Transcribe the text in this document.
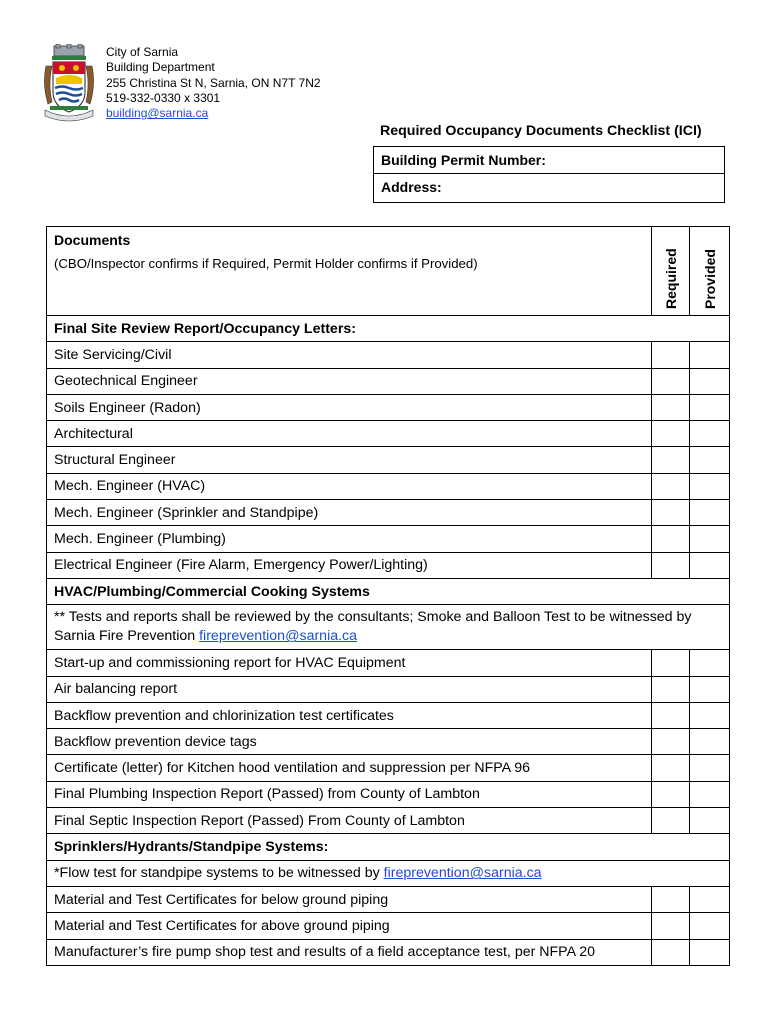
City of Sarnia
Building Department
255 Christina St N, Sarnia, ON N7T 7N2
519-332-0330 x 3301
building@sarnia.ca
Required Occupancy Documents Checklist (ICI)
Building Permit Number:
Address:
Documents
(CBO/Inspector confirms if Required, Permit Holder confirms if Provided)	Required	Provided

Final Site Review Report/Occupancy Letters:		
Site Servicing/Civil		
Geotechnical Engineer		
Soils Engineer (Radon)		
Architectural		
Structural Engineer		
Mech. Engineer (HVAC)		
Mech. Engineer (Sprinkler and Standpipe)		
Mech. Engineer (Plumbing)		
Electrical Engineer (Fire Alarm, Emergency Power/Lighting)		
HVAC/Plumbing/Commercial Cooking Systems		
** Tests and reports shall be reviewed by the consultants; Smoke and Balloon Test to be witnessed by Sarnia Fire Prevention fireprevention@sarnia.ca		
Start-up and commissioning report for HVAC Equipment		
Air balancing report		
Backflow prevention and chlorinization test certificates		
Backflow prevention device tags		
Certificate (letter) for Kitchen hood ventilation and suppression per NFPA 96		
Final Plumbing Inspection Report (Passed) from County of Lambton		
Final Septic Inspection Report (Passed) From County of Lambton		
Sprinklers/Hydrants/Standpipe Systems:		
*Flow test for standpipe systems to be witnessed by fireprevention@sarnia.ca		
Material and Test Certificates for below ground piping		
Material and Test Certificates for above ground piping		
Manufacturer’s fire pump shop test and results of a field acceptance test, per NFPA 20		
